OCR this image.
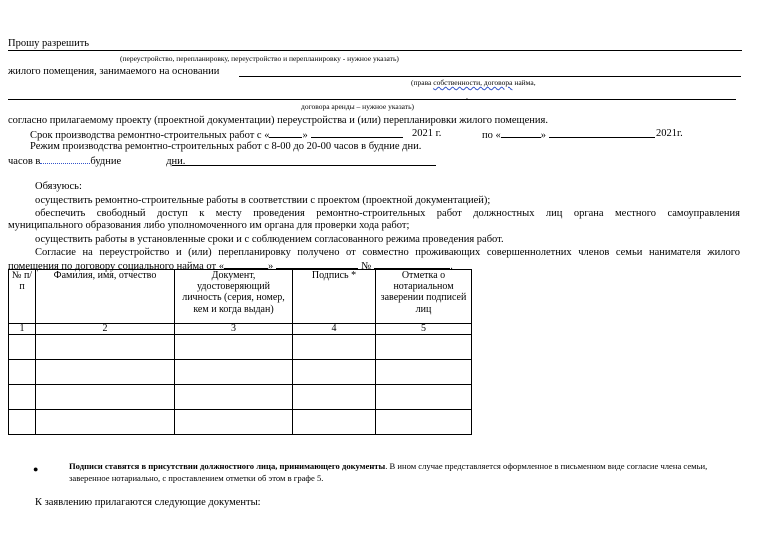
Прошу разрешить
(переустройство, перепланировку, переустройство и перепланировку - нужное указать)
жилого помещения, занимаемого на основании
(права собственности, договора найма,
,
договора аренды – нужное указать)
согласно прилагаемому проекту (проектной документации) переустройства и (или) перепланировки жилого помещения.
Срок производства ремонтно-строительных работ с «	»	2021 г.	по «	»	2021г.
Режим производства ремонтно-строительных работ с 8-00 до 20-00 часов в будние дни.
часов в	будние	дни.
Обязуюсь:
осуществить ремонтно-строительные работы в соответствии с проектом (проектной документацией);
обеспечить свободный доступ к месту проведения ремонтно-строительных работ должностных лиц органа местного самоуправления
муниципального образования либо уполномоченного им органа для проверки хода работ;
осуществить работы в установленные сроки и с соблюдением согласованного режима проведения работ.
Согласие на переустройство и (или) перепланировку получено от совместно проживающих совершеннолетних членов семьи нанимателя жилого
помещения по договору социального найма от «	»	№	.
№ п/п	Фамилия, имя, отчество	Документ, удостоверяющий личность (серия, номер, кем и когда выдан)	Подпись *	Отметка о нотариальном заверении подписей лиц
1	2	3	4	5

●	Подписи ставятся в присутствии должностного лица, принимающего документы. В ином случае представляется оформленное в письменном виде согласие члена семьи, заверенное нотариально, с проставлением отметки об этом в графе 5.
К заявлению прилагаются следующие документы:
